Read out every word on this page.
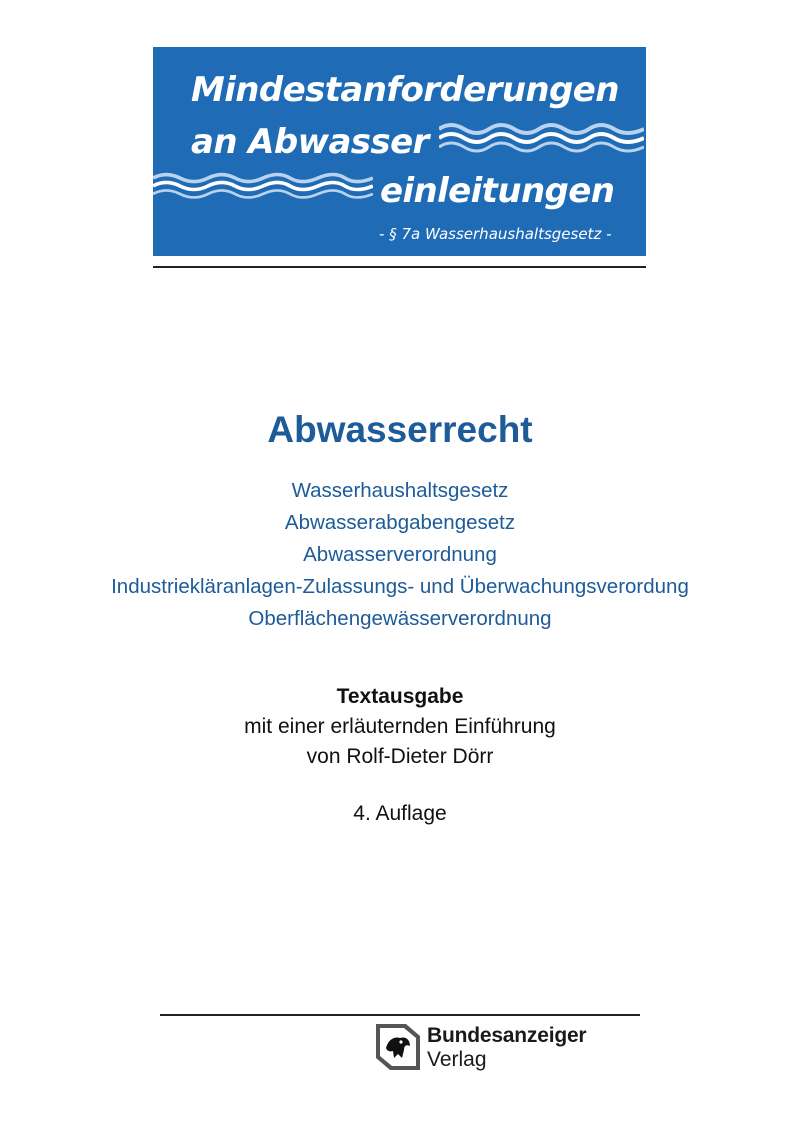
Mindestanforderungen
an Abwasser
einleitungen
- § 7a Wasserhaushaltsgesetz -
Abwasserrecht
Wasserhaushaltsgesetz
Abwasserabgabengesetz
Abwasserverordnung
Industriekläranlagen-Zulassungs- und Überwachungsverordung
Oberflächengewässerverordnung
Textausgabe
mit einer erläuternden Einführung
von Rolf-Dieter Dörr
4. Auflage
Bundesanzeiger
Verlag
